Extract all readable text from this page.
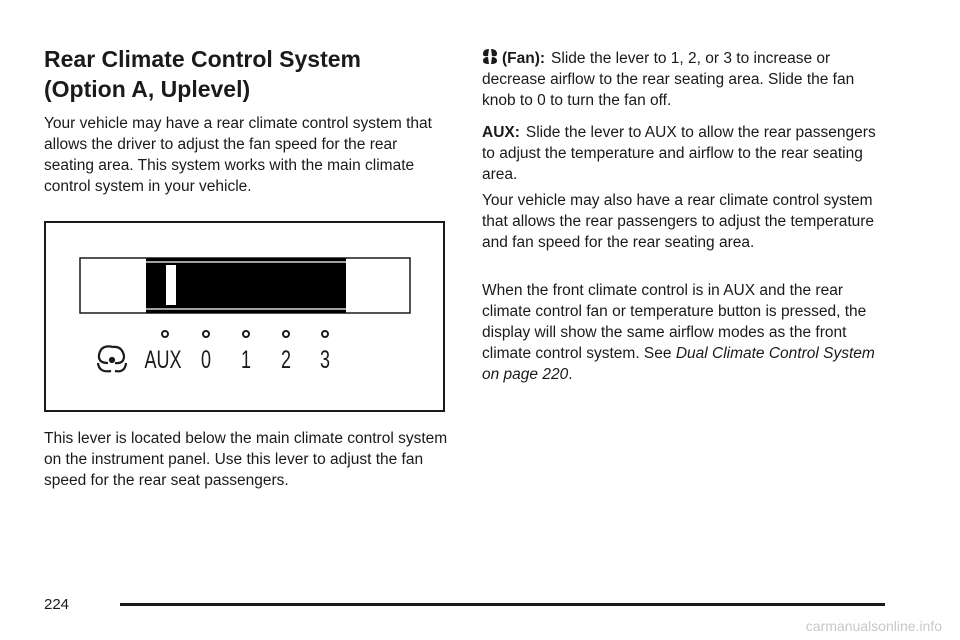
Rear Climate Control System (Option A, Uplevel)

Your vehicle may have a rear climate control system that allows the driver to adjust the fan speed for the rear seating area. This system works with the main climate control system in your vehicle.

AUX 0 1 2 3

This lever is located below the main climate control system on the instrument panel. Use this lever to adjust the fan speed for the rear seat passengers.

(Fan): Slide the lever to 1, 2, or 3 to increase or decrease airflow to the rear seating area. Slide the fan knob to 0 to turn the fan off.

AUX: Slide the lever to AUX to allow the rear passengers to adjust the temperature and airflow to the rear seating area.

Your vehicle may also have a rear climate control system that allows the rear passengers to adjust the temperature and fan speed for the rear seating area.

When the front climate control is in AUX and the rear climate control fan or temperature button is pressed, the display will show the same airflow modes as the front climate control system. See Dual Climate Control System on page 220.

224
carmanualsonline.info
